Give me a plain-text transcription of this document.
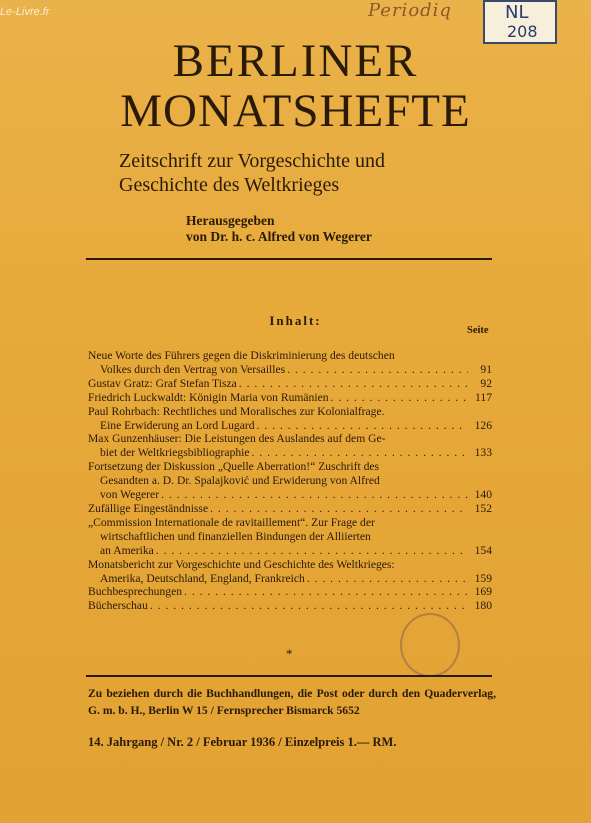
Le-Livre.fr	Periodiq	NL
208
BERLINER
MONATSHEFTE
Zeitschrift zur Vorgeschichte und
Geschichte des Weltkrieges
Herausgegeben
von Dr. h. c. Alfred von Wegerer
Inhalt:
Seite
Neue Worte des Führers gegen die Diskriminierung des deutschen
Volkes durch den Vertrag von Versailles . . .	91
Gustav Gratz: Graf Stefan Tisza . . .	92
Friedrich Luckwaldt: Königin Maria von Rumänien . . .	117
Paul Rohrbach: Rechtliches und Moralisches zur Kolonialfrage.
Eine Erwiderung an Lord Lugard . . .	126
Max Gunzenhäuser: Die Leistungen des Auslandes auf dem Ge-
biet der Weltkriegsbibliographie . . .	133
Fortsetzung der Diskussion „Quelle Aberration!“ Zuschrift des
Gesandten a. D. Dr. Spalajković und Erwiderung von Alfred
von Wegerer . . .	140
Zufällige Eingeständnisse . . .	152
„Commission Internationale de ravitaillement“. Zur Frage der
wirtschaftlichen und finanziellen Bindungen der Alliierten
an Amerika . . .	154
Monatsbericht zur Vorgeschichte und Geschichte des Weltkrieges:
Amerika, Deutschland, England, Frankreich . . .	159
Buchbesprechungen . . .	169
Bücherschau . . .	180
*
Zu beziehen durch die Buchhandlungen, die Post oder durch den Quaderverlag, G. m. b. H., Berlin W 15 / Fernsprecher Bismarck 5652
14. Jahrgang / Nr. 2 / Februar 1936 / Einzelpreis 1.— RM.
